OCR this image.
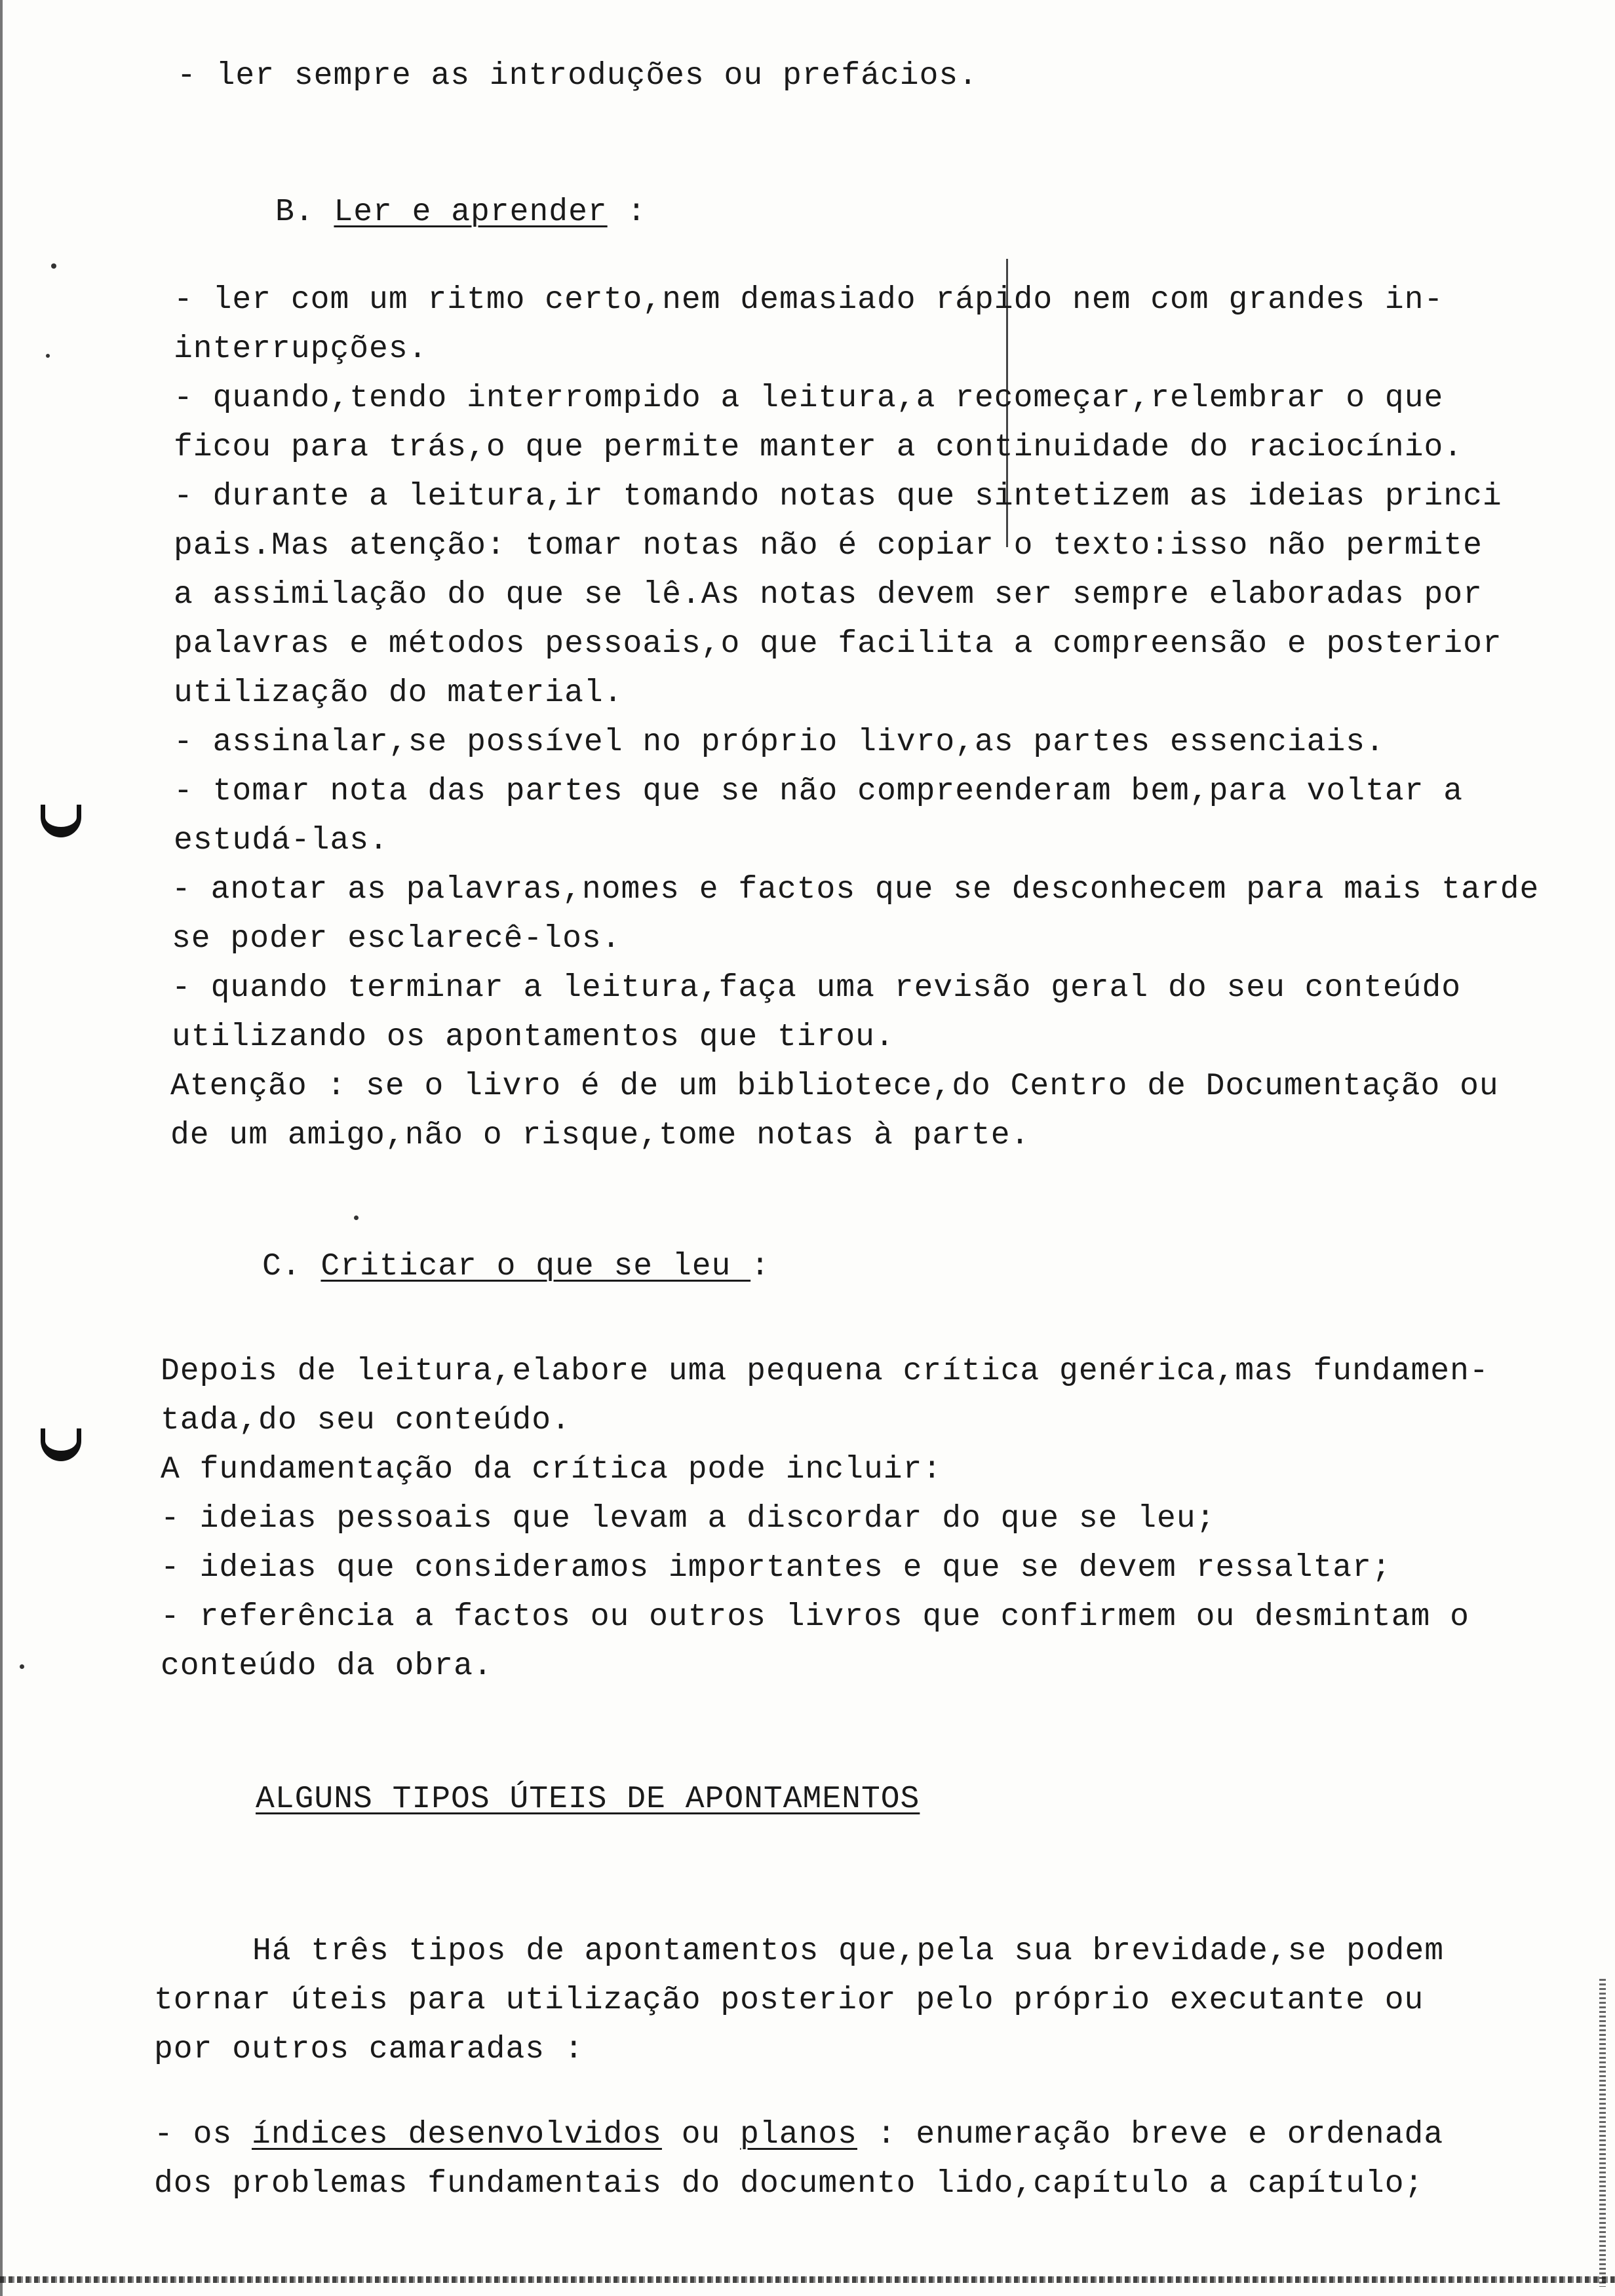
- ler sempre as introduções ou prefácios.
B. Ler e aprender :
- ler com um ritmo certo,nem demasiado rápido nem com grandes in-
interrupções.
- quando,tendo interrompido a leitura,a recomeçar,relembrar o que
ficou para trás,o que permite manter a continuidade do raciocínio.
- durante a leitura,ir tomando notas que sintetizem as ideias princi
pais.Mas atenção: tomar notas não é copiar o texto:isso não permite
a assimilação do que se lê.As notas devem ser sempre elaboradas por
palavras e métodos pessoais,o que facilita a compreensão e posterior
utilização do material.
- assinalar,se possível no próprio livro,as partes essenciais.
- tomar nota das partes que se não compreenderam bem,para voltar a
estudá-las.
- anotar as palavras,nomes e factos que se desconhecem para mais tarde
se poder esclarecê-los.
- quando terminar a leitura,faça uma revisão geral do seu conteúdo
utilizando os apontamentos que tirou.
Atenção : se o livro é de um bibliotece,do Centro de Documentação ou
de um amigo,não o risque,tome notas à parte.
C. Criticar o que se leu :
Depois de leitura,elabore uma pequena crítica genérica,mas fundamen-
tada,do seu conteúdo.
A fundamentação da crítica pode incluir:
- ideias pessoais que levam a discordar do que se leu;
- ideias que consideramos importantes e que se devem ressaltar;
- referência a factos ou outros livros que confirmem ou desmintam o
conteúdo da obra.
ALGUNS TIPOS ÚTEIS DE APONTAMENTOS
Há três tipos de apontamentos que,pela sua brevidade,se podem
tornar úteis para utilização posterior pelo próprio executante ou
por outros camaradas :
- os índices desenvolvidos ou planos : enumeração breve e ordenada
dos problemas fundamentais do documento lido,capítulo a capítulo;
